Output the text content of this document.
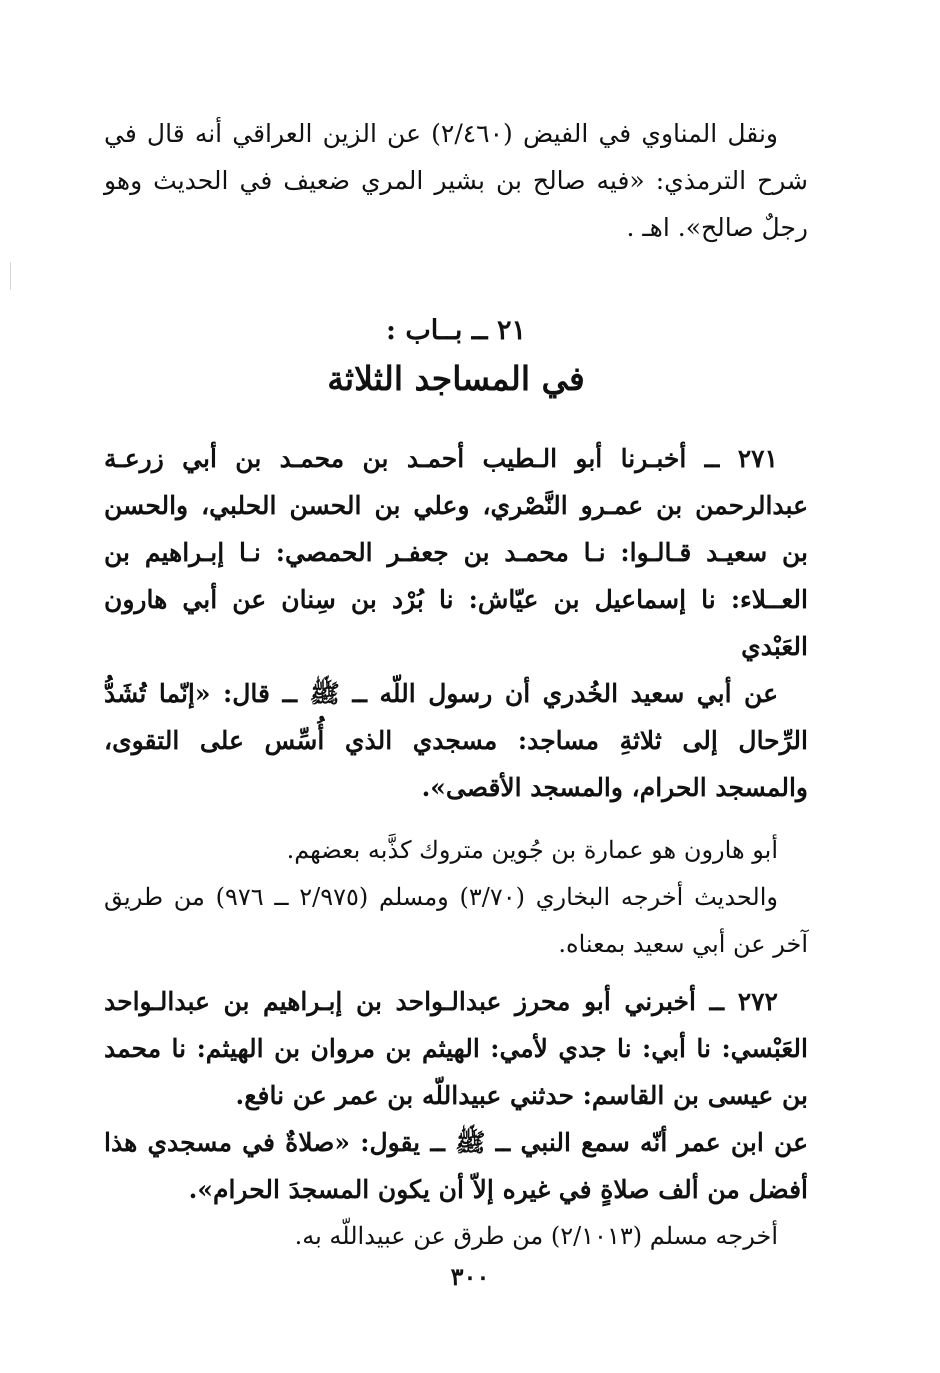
ونقل المناوي في الفيض (٢/٤٦٠) عن الزين العراقي أنه قال في شرح الترمذي: «فيه صالح بن بشير المري ضعيف في الحديث وهو رجلٌ صالح». اهـ .

٢١ ــ بــاب :

في المساجد الثلاثة

٢٧١ ــ أخبـرنا أبو الـطيب أحمـد بن محمـد بن أبي زرعـة عبدالرحمن بن عمـرو النَّصْري، وعلي بن الحسن الحلبي، والحسن بن سعيـد قـالـوا: نـا محمـد بن جعفـر الحمصي: نـا إبـراهيم بن العــلاء: نا إسماعيل بن عيّاش: نا بُرْد بن سِنان عن أبي هارون العَبْدي

عن أبي سعيد الخُدري أن رسول اللّه ــ ﷺ ــ قال: «إنّما تُشَدُّ الرِّحال إلى ثلاثةِ مساجد: مسجدي الذي أُسِّس على التقوى، والمسجد الحرام، والمسجد الأقصى».

أبو هارون هو عمارة بن جُوين متروك كذَّبه بعضهم.

والحديث أخرجه البخاري (٣/٧٠) ومسلم (٢/٩٧٥ ــ ٩٧٦) من طريق آخر عن أبي سعيد بمعناه.

٢٧٢ ــ أخبرني أبو محرز عبدالـواحد بن إبـراهيم بن عبدالـواحد العَبْسي: نا أبي: نا جدي لأمي: الهيثم بن مروان بن الهيثم: نا محمد بن عيسى بن القاسم: حدثني عبيداللّه بن عمر عن نافع.

عن ابن عمر أنّه سمع النبي ــ ﷺ ــ يقول: «صلاةٌ في مسجدي هذا أفضل من ألف صلاةٍ في غيره إلاّ أن يكون المسجدَ الحرام».

أخرجه مسلم (٢/١٠١٣) من طرق عن عبيداللّه به.

٣٠٠
